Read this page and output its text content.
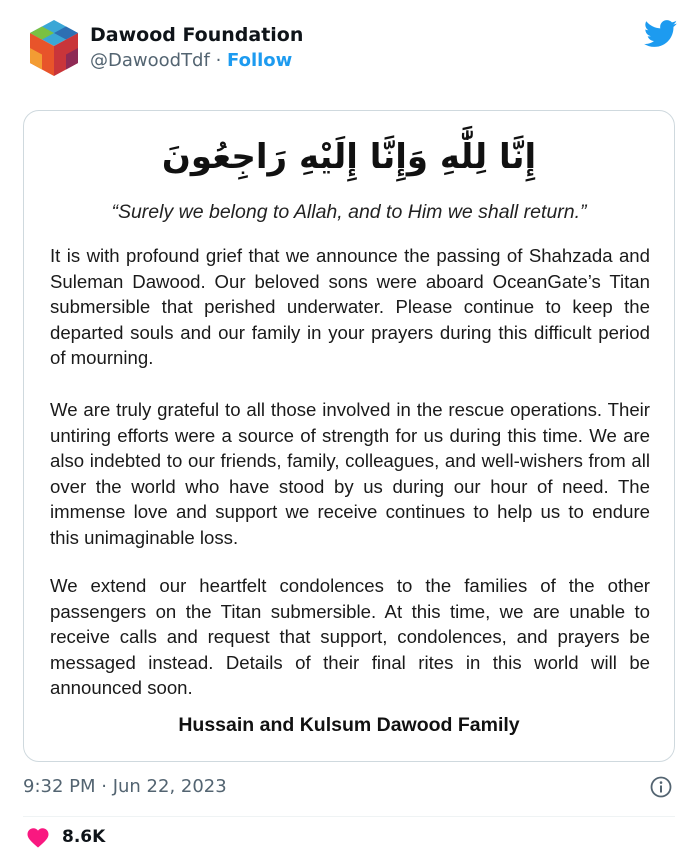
Dawood Foundation
@DawoodTdf · Follow
إِنَّا لِلَّٰهِ وَإِنَّا إِلَيْهِ رَاجِعُونَ
“Surely we belong to Allah, and to Him we shall return.”

It is with profound grief that we announce the passing of Shahzada and Suleman Dawood. Our beloved sons were aboard OceanGate’s Titan submersible that perished underwater. Please continue to keep the departed souls and our family in your prayers during this difficult period of mourning.

We are truly grateful to all those involved in the rescue operations. Their untiring efforts were a source of strength for us during this time. We are also indebted to our friends, family, colleagues, and well-wishers from all over the world who have stood by us during our hour of need. The immense love and support we receive continues to help us to endure this unimaginable loss.

We extend our heartfelt condolences to the families of the other passengers on the Titan submersible. At this time, we are unable to receive calls and request that support, condolences, and prayers be messaged instead. Details of their final rites in this world will be announced soon.

Hussain and Kulsum Dawood Family
9:32 PM · Jun 22, 2023
8.6K
